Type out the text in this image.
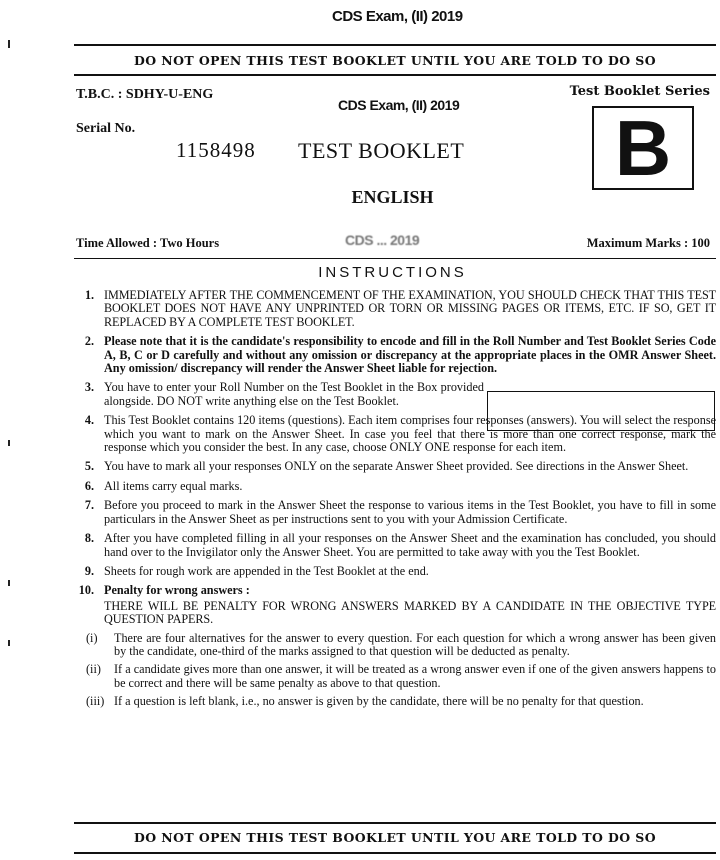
CDS Exam, (II) 2019
DO NOT OPEN THIS TEST BOOKLET UNTIL YOU ARE TOLD TO DO SO
T.B.C. : SDHY-U-ENG
CDS Exam, (II) 2019
Test Booklet Series
B
Serial No.
1158498 TEST BOOKLET
ENGLISH
Time Allowed : Two Hours	CDS ... 2019	Maximum Marks : 100
INSTRUCTIONS
1. IMMEDIATELY AFTER THE COMMENCEMENT OF THE EXAMINATION, YOU SHOULD CHECK THAT THIS TEST BOOKLET DOES NOT HAVE ANY UNPRINTED OR TORN OR MISSING PAGES OR ITEMS, ETC. IF SO, GET IT REPLACED BY A COMPLETE TEST BOOKLET.
2. Please note that it is the candidate's responsibility to encode and fill in the Roll Number and Test Booklet Series Code A, B, C or D carefully and without any omission or discrepancy at the appropriate places in the OMR Answer Sheet. Any omission/ discrepancy will render the Answer Sheet liable for rejection.
3. You have to enter your Roll Number on the Test Booklet in the Box provided alongside. DO NOT write anything else on the Test Booklet.
4. This Test Booklet contains 120 items (questions). Each item comprises four responses (answers). You will select the response which you want to mark on the Answer Sheet. In case you feel that there is more than one correct response, mark the response which you consider the best. In any case, choose ONLY ONE response for each item.
5. You have to mark all your responses ONLY on the separate Answer Sheet provided. See directions in the Answer Sheet.
6. All items carry equal marks.
7. Before you proceed to mark in the Answer Sheet the response to various items in the Test Booklet, you have to fill in some particulars in the Answer Sheet as per instructions sent to you with your Admission Certificate.
8. After you have completed filling in all your responses on the Answer Sheet and the examination has concluded, you should hand over to the Invigilator only the Answer Sheet. You are permitted to take away with you the Test Booklet.
9. Sheets for rough work are appended in the Test Booklet at the end.
10. Penalty for wrong answers :
THERE WILL BE PENALTY FOR WRONG ANSWERS MARKED BY A CANDIDATE IN THE OBJECTIVE TYPE QUESTION PAPERS.
(i) There are four alternatives for the answer to every question. For each question for which a wrong answer has been given by the candidate, one-third of the marks assigned to that question will be deducted as penalty.
(ii) If a candidate gives more than one answer, it will be treated as a wrong answer even if one of the given answers happens to be correct and there will be same penalty as above to that question.
(iii) If a question is left blank, i.e., no answer is given by the candidate, there will be no penalty for that question.
DO NOT OPEN THIS TEST BOOKLET UNTIL YOU ARE TOLD TO DO SO
